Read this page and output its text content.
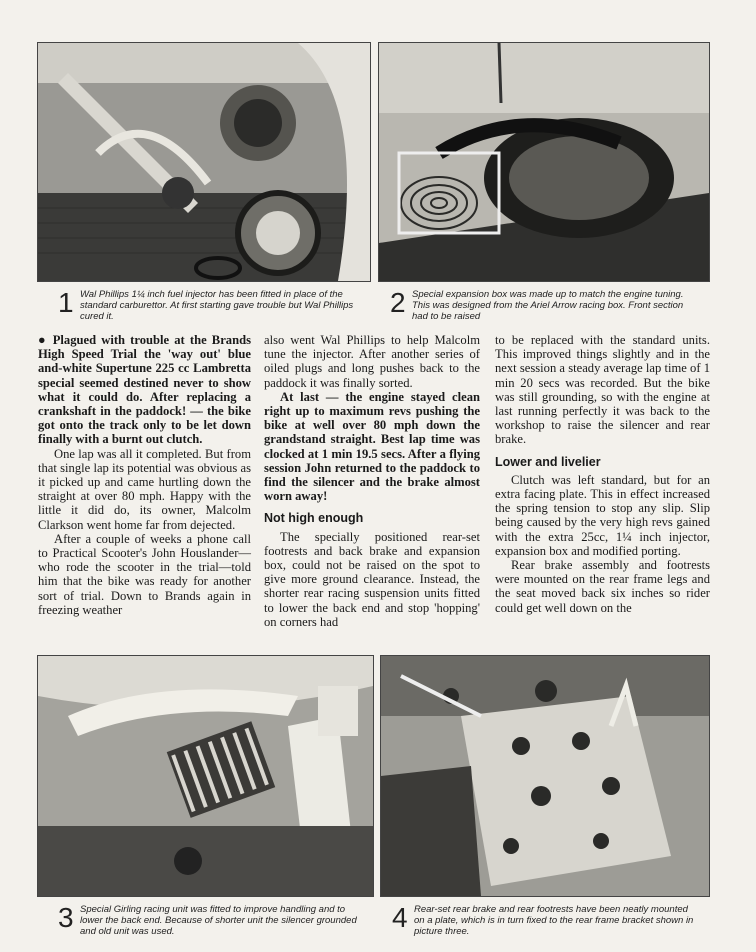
1 Wal Phillips 1¼ inch fuel injector has been fitted in place of the standard carburettor. At first starting gave trouble but Wal Phillips cured it.	2 Special expansion box was made up to match the engine tuning. This was designed from the Ariel Arrow racing box. Front section had to be raised

● Plagued with trouble at the Brands High Speed Trial the 'way out' blue and-white Supertune 225 cc Lambretta special seemed destined never to show what it could do. After replacing a crankshaft in the paddock! — the bike got onto the track only to be let down finally with a burnt out clutch.

One lap was all it completed. But from that single lap its potential was obvious as it picked up and came hurtling down the straight at over 80 mph. Happy with the little it did do, its owner, Malcolm Clarkson went home far from dejected.

After a couple of weeks a phone call to Practical Scooter's John Houslander—who rode the scooter in the trial—told him that the bike was ready for another sort of trial. Down to Brands again in freezing weather

also went Wal Phillips to help Malcolm tune the injector. After another series of oiled plugs and long pushes back to the paddock it was finally sorted.

At last — the engine stayed clean right up to maximum revs pushing the bike at well over 80 mph down the grandstand straight. Best lap time was clocked at 1 min 19.5 secs. After a flying session John returned to the paddock to find the silencer and the brake almost worn away!

Not high enough

The specially positioned rear-set footrests and back brake and expansion box, could not be raised on the spot to give more ground clearance. Instead, the shorter rear racing suspension units fitted to lower the back end and stop 'hopping' on corners had

to be replaced with the standard units. This improved things slightly and in the next session a steady average lap time of 1 min 20 secs was recorded. But the bike was still grounding, so with the engine at last running perfectly it was back to the workshop to raise the silencer and rear brake.

Lower and livelier

Clutch was left standard, but for an extra facing plate. This in effect increased the spring tension to stop any slip. Slip being caused by the very high revs gained with the extra 25cc, 1¼ inch injector, expansion box and modified porting.

Rear brake assembly and footrests were mounted on the rear frame legs and the seat moved back six inches so rider could get well down on the

3 Special Girling racing unit was fitted to improve handling and to lower the back end. Because of shorter unit the silencer grounded and old unit was used.	4 Rear-set rear brake and rear footrests have been neatly mounted on a plate, which is in turn fixed to the rear frame bracket shown in picture three.
